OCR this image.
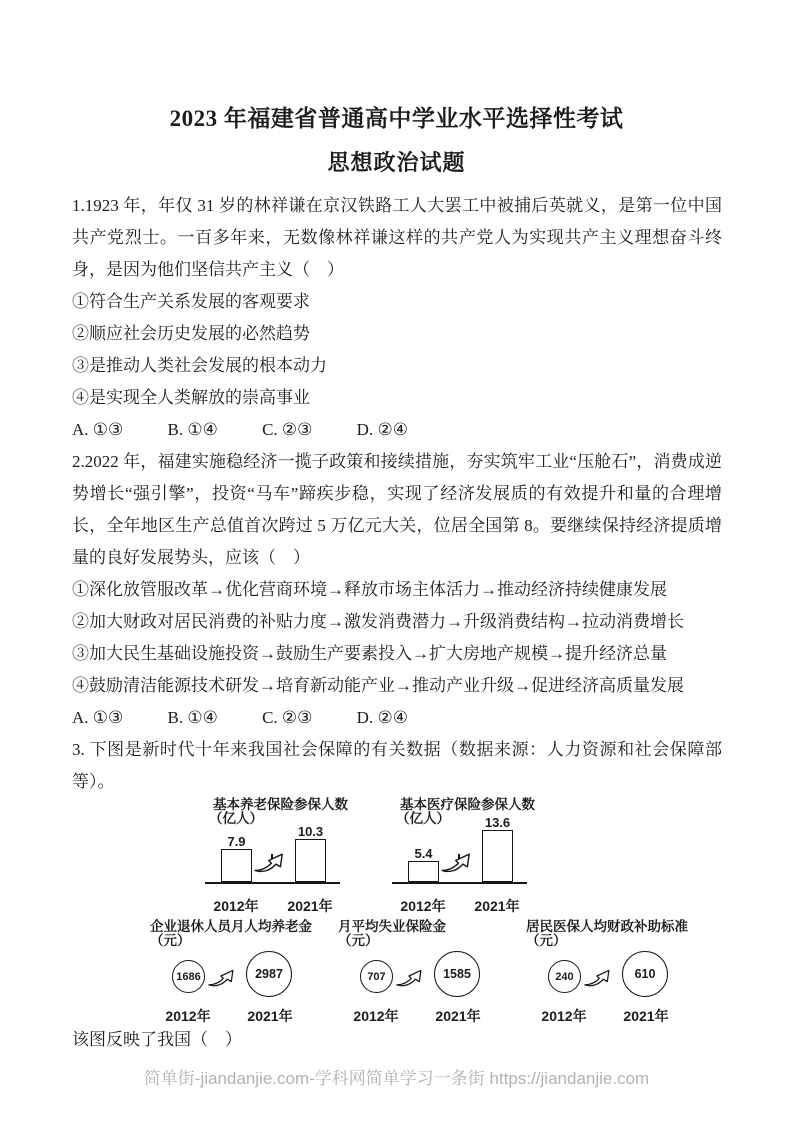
2023 年福建省普通高中学业水平选择性考试
思想政治试题

1.1923 年，年仅 31 岁的林祥谦在京汉铁路工人大罢工中被捕后英就义，是第一位中国共产党烈士。一百多年来，无数像林祥谦这样的共产党人为实现共产主义理想奋斗终身，是因为他们坚信共产主义（　）

①符合生产关系发展的客观要求

②顺应社会历史发展的必然趋势

③是推动人类社会发展的根本动力

④是实现全人类解放的崇高事业

A. ①③	B. ①④	C. ②③	D. ②④

2.2022 年，福建实施稳经济一揽子政策和接续措施，夯实筑牢工业“压舱石”，消费成逆势增长“强引擎”，投资“马车”蹄疾步稳，实现了经济发展质的有效提升和量的合理增长，全年地区生产总值首次跨过 5 万亿元大关，位居全国第 8。要继续保持经济提质增量的良好发展势头，应该（　）

①深化放管服改革→优化营商环境→释放市场主体活力→推动经济持续健康发展

②加大财政对居民消费的补贴力度→激发消费潜力→升级消费结构→拉动消费增长

③加大民生基础设施投资→鼓励生产要素投入→扩大房地产规模→提升经济总量

④鼓励清洁能源技术研发→培育新动能产业→推动产业升级→促进经济高质量发展

A. ①③	B. ①④	C. ②③	D. ②④

3. 下图是新时代十年来我国社会保障的有关数据（数据来源：人力资源和社会保障部等）。

基本养老保险参保人数
（亿人）
7.9
10.3
2012年	2021年
基本医疗保险参保人数
（亿人）
5.4
13.6
2012年	2021年
企业退休人员月人均养老金
（元）
1686	2987
2012年	2021年
月平均失业保险金
（元）
707	1585
2012年	2021年
居民医保人均财政补助标准
（元）
240	610
2012年	2021年

该图反映了我国（　）

简单街-jiandanjie.com-学科网简单学习一条街 https://jiandanjie.com
